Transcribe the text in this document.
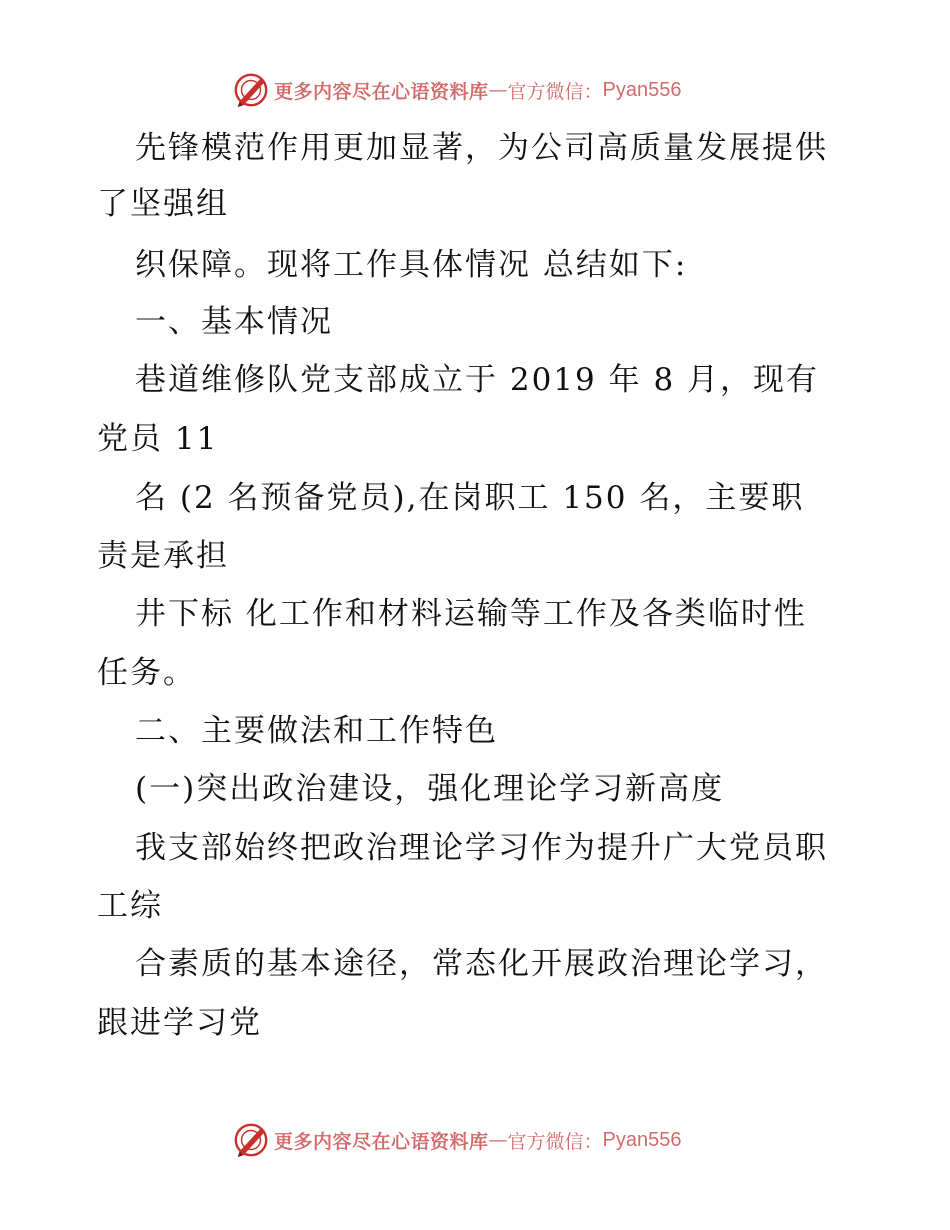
更多内容尽在心语资料库 — 官方微信： Pyan556
先锋模范作用更加显著，为公司高质量发展提供
了坚强组
织保障。现将工作具体情况 总结如下:
一、基本情况
巷道维修队党支部成立于 2019 年 8 月，现有
党员 11
名 (2 名预备党员),在岗职工 150 名，主要职
责是承担
井下标 化工作和材料运输等工作及各类临时性
任务。
二、主要做法和工作特色
(一)突出政治建设，强化理论学习新高度
我支部始终把政治理论学习作为提升广大党员职
工综
合素质的基本途径，常态化开展政治理论学习，
跟进学习党
更多内容尽在心语资料库 — 官方微信： Pyan556
